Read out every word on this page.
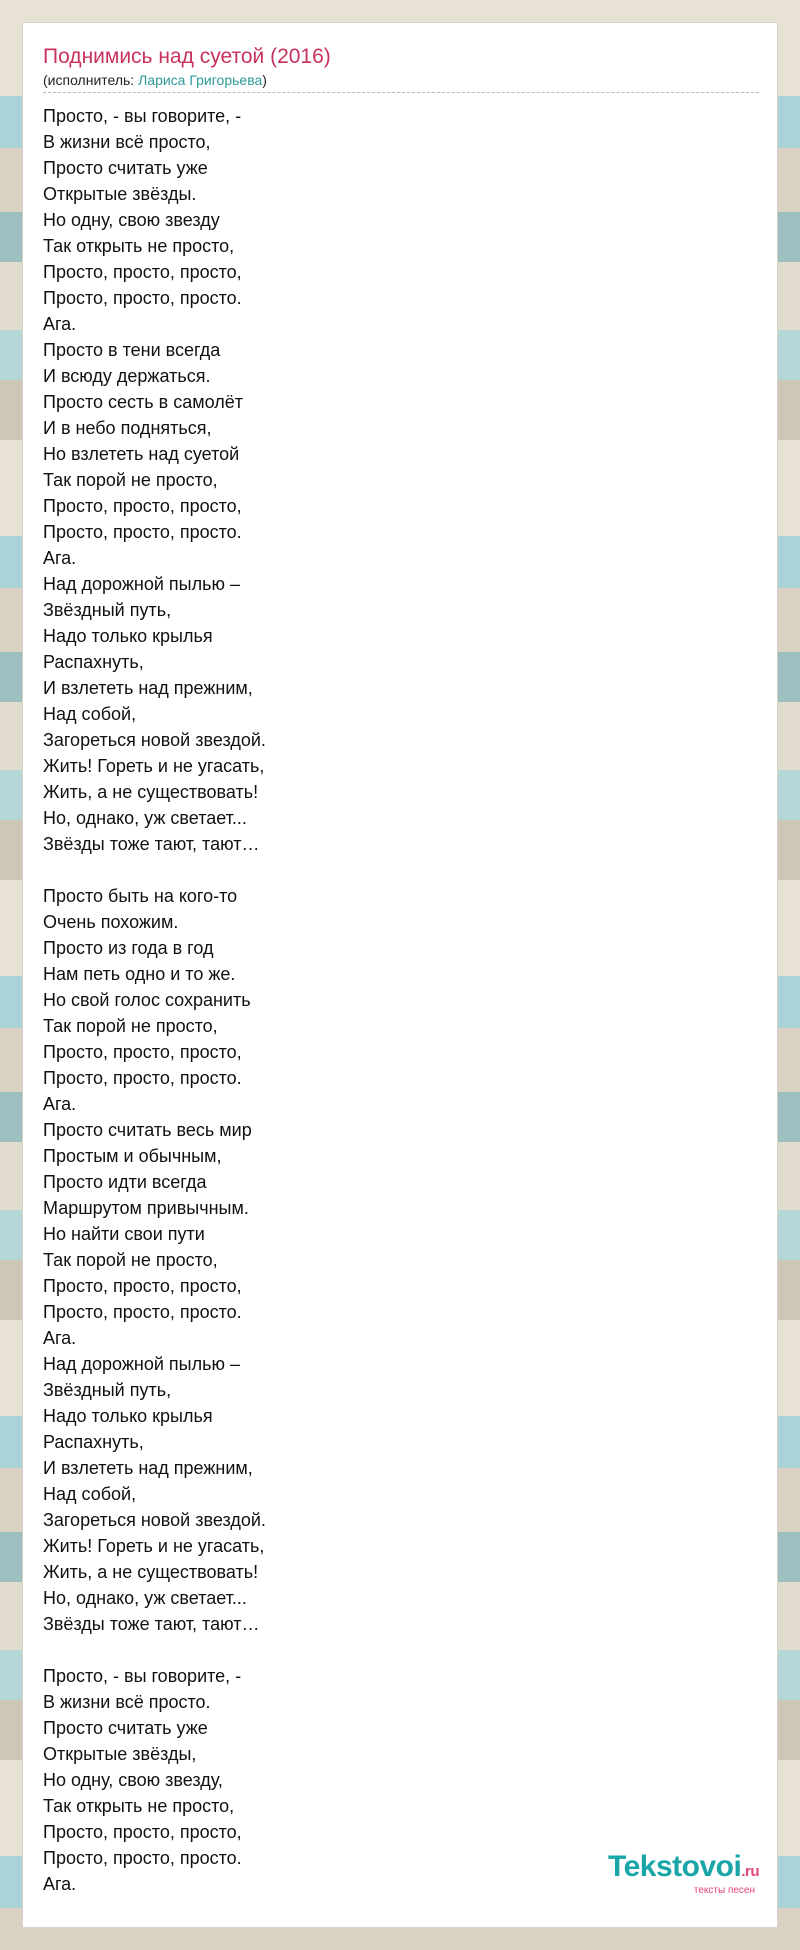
Поднимись над суетой (2016)
(исполнитель: Лариса Григорьева)
Просто, - вы говорите, -
В жизни всё просто,
Просто считать уже
Открытые звёзды.
Но одну, свою звезду
Так открыть не просто,
Просто, просто, просто,
Просто, просто, просто.
Ага.
Просто в тени всегда
И всюду держаться.
Просто сесть в самолёт
И в небо подняться,
Но взлететь над суетой
Так порой не просто,
Просто, просто, просто,
Просто, просто, просто.
Ага.
Над дорожной пылью –
Звёздный путь,
Надо только крылья
Распахнуть,
И взлететь над прежним,
Над собой,
Загореться новой звездой.
Жить! Гореть и не угасать,
Жить, а не существовать!
Но, однако, уж светает...
Звёзды тоже тают, тают…
Просто быть на кого-то
Очень похожим.
Просто из года в год
Нам петь одно и то же.
Но свой голос сохранить
Так порой не просто,
Просто, просто, просто,
Просто, просто, просто.
Ага.
Просто считать весь мир
Простым и обычным,
Просто идти всегда
Маршрутом привычным.
Но найти свои пути
Так порой не просто,
Просто, просто, просто,
Просто, просто, просто.
Ага.
Над дорожной пылью –
Звёздный путь,
Надо только крылья
Распахнуть,
И взлететь над прежним,
Над собой,
Загореться новой звездой.
Жить! Гореть и не угасать,
Жить, а не существовать!
Но, однако, уж светает...
Звёзды тоже тают, тают…
Просто, - вы говорите, -
В жизни всё просто.
Просто считать уже
Открытые звёзды,
Но одну, свою звезду,
Так открыть не просто,
Просто, просто, просто,
Просто, просто, просто.
Ага.
Tekstovoi.ru
тексты песен
